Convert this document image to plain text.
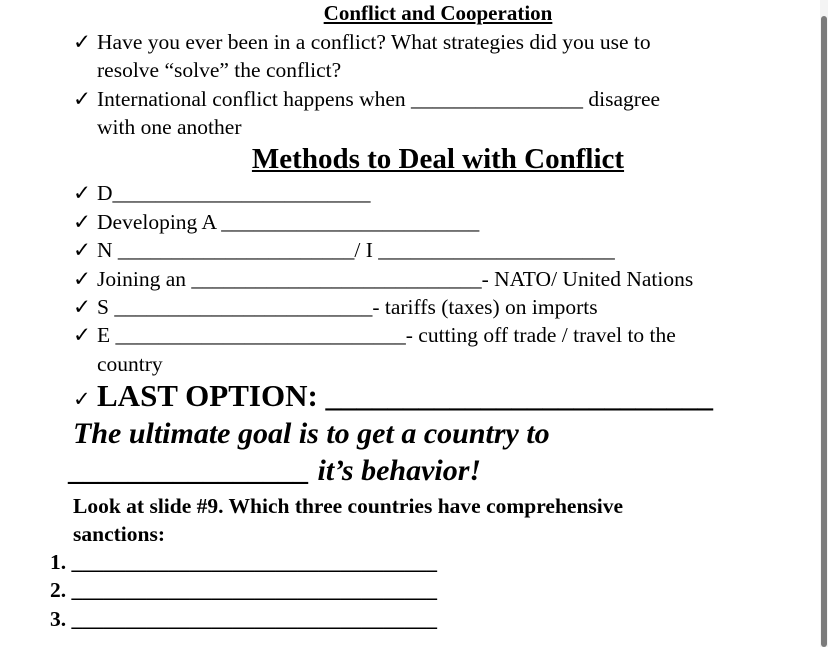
Conflict and Cooperation
✓ Have you ever been in a conflict? What strategies did you use to
resolve “solve” the conflict?
✓ International conflict happens when ________________ disagree
with one another
Methods to Deal with Conflict
✓ D________________________
✓ Developing A ________________________
✓ N ______________________/ I ______________________
✓ Joining an ___________________________- NATO/ United Nations
✓ S ________________________- tariffs (taxes) on imports
✓ E ___________________________- cutting off trade / travel to the
country
✓ LAST OPTION: _________________________
The ultimate goal is to get a country to
________________ it’s behavior!
Look at slide #9. Which three countries have comprehensive
sanctions:
1. __________________________________
2. __________________________________
3. __________________________________
